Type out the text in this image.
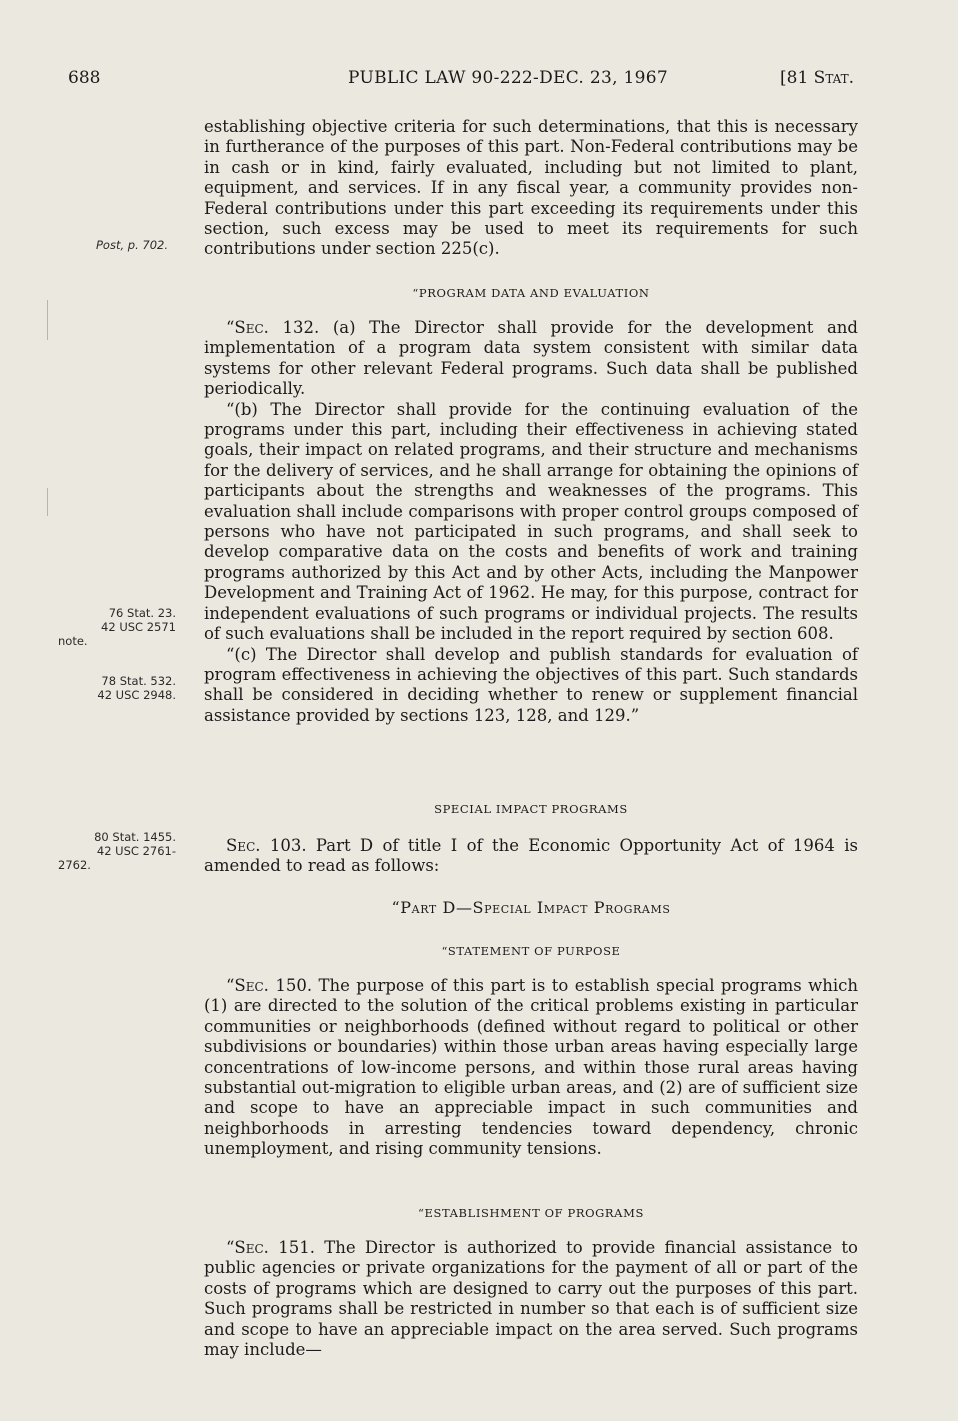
688	PUBLIC LAW 90-222-DEC. 23, 1967	[81 Stat.
Post, p. 702.
76 Stat. 23.
42 USC 2571
note.
78 Stat. 532.
42 USC 2948.
80 Stat. 1455.
42 USC 2761-
2762.

establishing objective criteria for such determinations, that this is necessary in furtherance of the purposes of this part. Non-Federal contributions may be in cash or in kind, fairly evaluated, including but not limited to plant, equipment, and services. If in any fiscal year, a community provides non-Federal contributions under this part exceeding its requirements under this section, such excess may be used to meet its requirements for such contributions under section 225(c).

“PROGRAM DATA AND EVALUATION

“Sec. 132. (a) The Director shall provide for the development and implementation of a program data system consistent with similar data systems for other relevant Federal programs. Such data shall be published periodically.

“(b) The Director shall provide for the continuing evaluation of the programs under this part, including their effectiveness in achieving stated goals, their impact on related programs, and their structure and mechanisms for the delivery of services, and he shall arrange for obtaining the opinions of participants about the strengths and weaknesses of the programs. This evaluation shall include comparisons with proper control groups composed of persons who have not participated in such programs, and shall seek to develop comparative data on the costs and benefits of work and training programs authorized by this Act and by other Acts, including the Manpower Development and Training Act of 1962. He may, for this purpose, contract for independent evaluations of such programs or individual projects. The results of such evaluations shall be included in the report required by section 608.

“(c) The Director shall develop and publish standards for evaluation of program effectiveness in achieving the objectives of this part. Such standards shall be considered in deciding whether to renew or supplement financial assistance provided by sections 123, 128, and 129.”

SPECIAL IMPACT PROGRAMS

Sec. 103. Part D of title I of the Economic Opportunity Act of 1964 is amended to read as follows:

“Part D—Special Impact Programs
“STATEMENT OF PURPOSE

“Sec. 150. The purpose of this part is to establish special programs which (1) are directed to the solution of the critical problems existing in particular communities or neighborhoods (defined without regard to political or other subdivisions or boundaries) within those urban areas having especially large concentrations of low-income persons, and within those rural areas having substantial out-migration to eligible urban areas, and (2) are of sufficient size and scope to have an appreciable impact in such communities and neighborhoods in arresting tendencies toward dependency, chronic unemployment, and rising community tensions.

“ESTABLISHMENT OF PROGRAMS

“Sec. 151. The Director is authorized to provide financial assistance to public agencies or private organizations for the payment of all or part of the costs of programs which are designed to carry out the purposes of this part. Such programs shall be restricted in number so that each is of sufficient size and scope to have an appreciable impact on the area served. Such programs may include—
